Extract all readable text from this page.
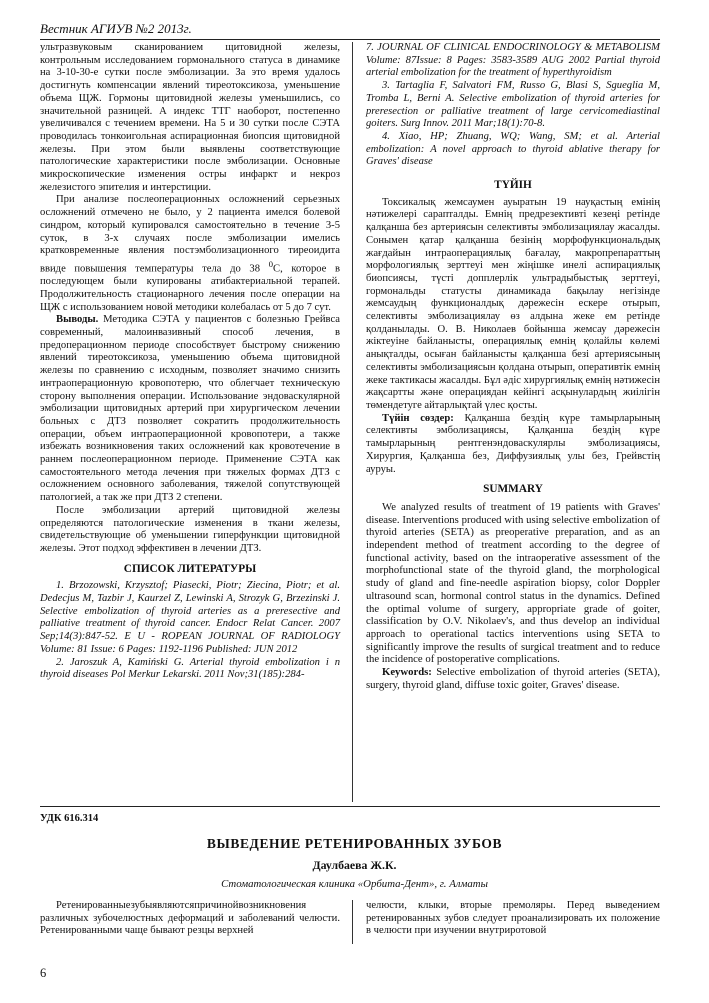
Вестник АГИУВ №2 2013г.

ультразвуковым сканированием щитовидной железы, контрольным исследованием гормонального статуса в динамике на 3-10-30-е сутки после эмболизации. За это время удалось достигнуть компенсации явлений тиреотоксикоза, уменьшение объема ЩЖ. Гормоны щитовидной железы уменьшились, со значительной разницей. А индекс ТТГ наоборот, постепенно увеличивался с течением времени. На 5 и 30 сутки после СЭТА проводилась тонкоигольная аспирационная биопсия щитовидной железы. При этом были выявлены соответствующие патологические характеристики после эмболизации. Основные микроскопические изменения остры инфаркт и некроз железистого эпителия и интерстиции.

При анализе послеоперационных осложнений серьезных осложнений отмечено не было, у 2 пациента имелся болевой синдром, который купировался самостоятельно в течение 3-5 суток, в 3-х случаях после эмболизации имелись кратковременные явления постэмболизационного тиреоидита ввиде повышения температуры тела до 38 $^0$С, которое в последующем были купированы атибактериальной терапей. Продолжительность стационарного лечения после операции на ЩЖ с использованием новой методики колебалась от 5 до 7 сут.

Выводы. Методика СЭТА у пациентов с болезнью Грейвса современный, малоинвазивный способ лечения, в предоперационном периоде способствует быстрому снижению явлений тиреотоксикоза, уменьшению объема щитовидной железы по сравнению с исходным, позволяет значимо снизить интраоперационную кровопотерю, что облегчает техническую сторону выполнения операции. Использование эндоваскулярной эмболизации щитовидных артерий при хирургическом лечении больных с ДТЗ позволяет сократить продолжительность операции, объем интраоперационной кровопотери, а также избежать возникновения таких осложнений как кровотечение в раннем послеоперационном периоде. Применение СЭТА как самостоятельного метода лечения при тяжелых формах ДТЗ с осложнением основного заболевания, тяжелой сопутствующей патологией, а так же при ДТЗ 2 степени.

После эмболизации артерий щитовидной железы определяются патологические изменения в ткани железы, свидетельствующие об уменьшении гиперфункции щитовидной железы. Этот подход эффективен в лечении ДТЗ.

СПИСОК ЛИТЕРАТУРЫ

1. Brzozowski, Krzysztof; Piasecki, Piotr; Ziecina, Piotr; et al. Dedecjus M, Tazbir J, Kaurzel Z, Lewinski A, Strozyk G, Brzezinski J. Selective embolization of thyroid arteries as a preresective and palliative treatment of thyroid cancer. Endocr Relat Cancer. 2007 Sep;14(3):847-52. E U - ROPEAN JOURNAL OF RADIOLOGY Volume: 81 Issue: 6 Pages: 1192-1196 Published: JUN 2012

2. Jaroszuk A, Kamiński G. Arterial thyroid embolization i n thyroid diseases Pol Merkur Lekarski. 2011 Nov;31(185):284-

7. JOURNAL OF CLINICAL ENDOCRINOLOGY & METABOLISM Volume: 87Issue: 8 Pages: 3583-3589 AUG 2002 Partial thyroid arterial embolization for the treatment of hyperthyroidism

3. Tartaglia F, Salvatori FM, Russo G, Blasi S, Sgueglia M, Tromba L, Berni A. Selective embolization of thyroid arteries for preresection or palliative treatment of large cervicomediastinal goiters. Surg Innov. 2011 Mar;18(1):70-8.

4. Xiao, HP; Zhuang, WQ; Wang, SM; et al. Arterial embolization: A novel approach to thyroid ablative therapy for Graves' disease

ТҮЙІН

Токсикалық жемсаумен ауыратын 19 науқастың емінің нәтижелері сарапталды. Емнің предрезективті кезеңі ретінде қалқанша без артериясын селективты эмболизациялау жасалды. Сонымен қатар қалқанша безінің морфофункциональдық жағдайын интраоперациялық бағалау, макропрепараттың морфологиялық зерттеуі мен жіңішке инелі аспирациялық биопсиясы, түсті допплерлік ультрадыбыстық зерттеуі, гормональды статусты динамикада бақылау негізінде жемсаудың функционалдық дәрежесін ескере отырып, селективты эмболизациялау өз алдына жеке ем ретінде қолданылады. О. В. Николаев бойынша жемсау дәрежесін жіктеуіне байланысты, операциялық емнің қолайлы көлемі анықталды, осыған байланысты қалқанша безі артериясының селективты эмболизациясын қолдана отырып, оперативтік емнің жеке тактикасы жасалды. Бұл әдіс хирургиялық емнің нәтижесін жақсартты және операциядан кейінгі асқынулардың жиілігін төмендетуге айтарлықтай үлес қосты.

Түйін сөздер: Қалқанша бездің күре тамырларының селективты эмболизациясы, Қалқанша бездің күре тамырларының рентгенэндоваскулярлы эмболизациясы, Хирургия, Қалқанша без, Диффузиялық улы без, Грейвстің ауруы.

SUMMARY

We analyzed results of treatment of 19 patients with Graves' disease. Interventions produced with using selective embolization of thyroid arteries (SETA) as preoperative preparation, and as an independent method of treatment according to the degree of functional activity, based on the intraoperative assessment of the morphofunctional state of the thyroid gland, the morphological study of gland and fine-needle aspiration biopsy, color Doppler ultrasound scan, hormonal control status in the dynamics. Defined the optimal volume of surgery, appropriate grade of goiter, classification by O.V. Nikolaev's, and thus develop an individual approach to operational tactics interventions using SETA to significantly improve the results of surgical treatment and to reduce the incidence of postoperative complications.

Keywords: Selective embolization of thyroid arteries (SETA), surgery, thyroid gland, diffuse toxic goiter, Graves' disease.

УДК 616.314
ВЫВЕДЕНИЕ РЕТЕНИРОВАННЫХ ЗУБОВ
Даулбаева Ж.К.
Стоматологическая клиника «Орбита-Дент», г. Алматы

Ретенированныезубыявляютсяпричинойвозникновения различных зубочелюстных деформаций и заболеваний челюсти. Ретенированными чаще бывают резцы верхней

челюсти, клыки, вторые премоляры. Перед выведением ретенированных зубов следует проанализировать их положение в челюсти при изучении внутриротовой

6
